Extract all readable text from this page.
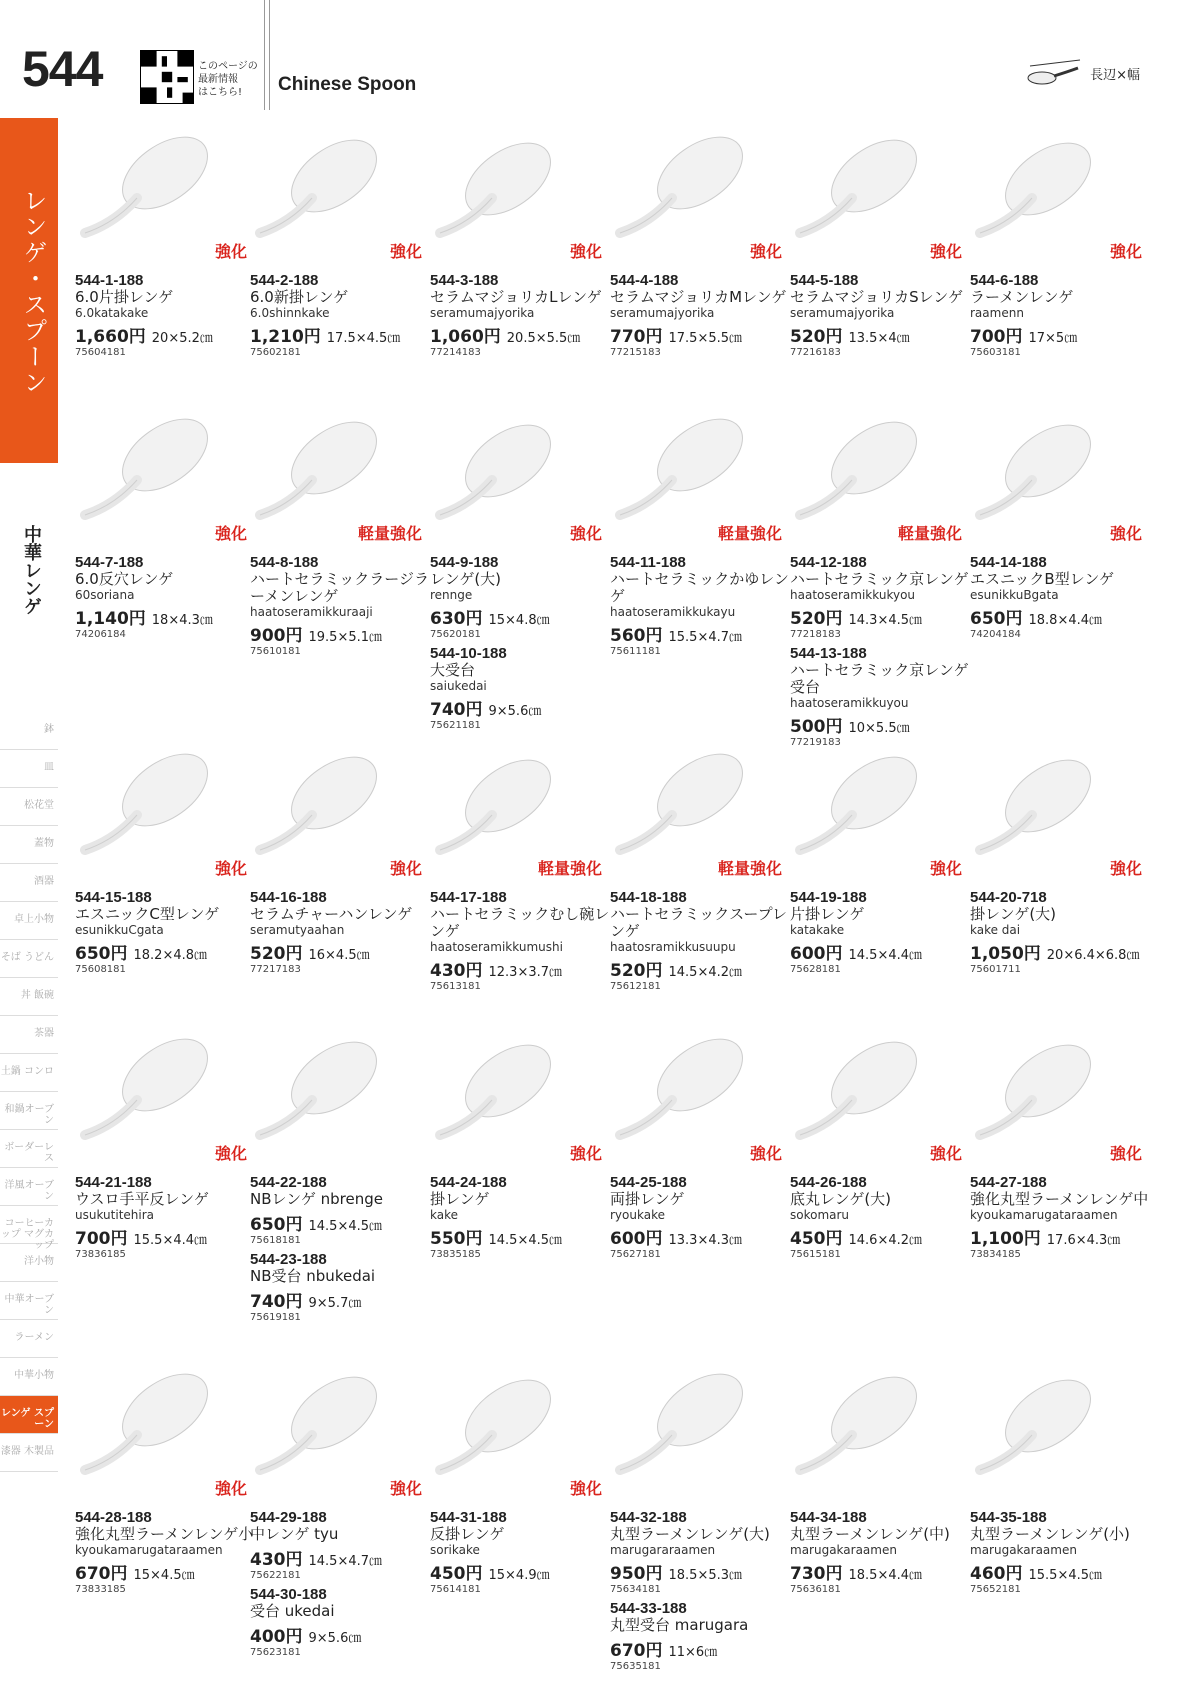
544	このページの
最新情報
はこちら!	Chinese Spoon	長辺×幅
レンゲ・スプーン
中華レンゲ
鉢
皿
松花堂
蓋物
酒器
卓上小物
そば うどん
丼 飯碗
茶器
土鍋 コンロ
和鍋オーブン
ボーダーレス
洋風オーブン
コーヒーカップ マグカップ
洋小物
中華オーブン
ラーメン
中華小物
レンゲ スプーン
漆器 木製品
強化
544-1-188
6.0片掛レンゲ
6.0katakake
1,660円 20×5.2㎝
75604181
強化
544-2-188
6.0新掛レンゲ
6.0shinnkake
1,210円 17.5×4.5㎝
75602181
強化
544-3-188
セラムマジョリカLレンゲ
seramumajyorika
1,060円 20.5×5.5㎝
77214183
強化
544-4-188
セラムマジョリカMレンゲ
seramumajyorika
770円 17.5×5.5㎝
77215183
強化
544-5-188
セラムマジョリカSレンゲ
seramumajyorika
520円 13.5×4㎝
77216183
強化
544-6-188
ラーメンレンゲ
raamenn
700円 17×5㎝
75603181
強化
544-7-188
6.0反穴レンゲ
60soriana
1,140円 18×4.3㎝
74206184
軽量強化
544-8-188
ハートセラミックラージラーメンレンゲ
haatoseramikkuraaji
900円 19.5×5.1㎝
75610181
強化
544-9-188
レンゲ(大)
rennge
630円 15×4.8㎝
75620181
544-10-188
大受台
saiukedai
740円 9×5.6㎝
75621181
軽量強化
544-11-188
ハートセラミックかゆレンゲ
haatoseramikkukayu
560円 15.5×4.7㎝
75611181
軽量強化
544-12-188
ハートセラミック京レンゲ
haatoseramikkukyou
520円 14.3×4.5㎝
77218183
544-13-188
ハートセラミック京レンゲ受台
haatoseramikkuyou
500円 10×5.5㎝
77219183
強化
544-14-188
エスニックB型レンゲ
esunikkuBgata
650円 18.8×4.4㎝
74204184
強化
544-15-188
エスニックC型レンゲ
esunikkuCgata
650円 18.2×4.8㎝
75608181
強化
544-16-188
セラムチャーハンレンゲ
seramutyaahan
520円 16×4.5㎝
77217183
軽量強化
544-17-188
ハートセラミックむし碗レンゲ
haatoseramikkumushi
430円 12.3×3.7㎝
75613181
軽量強化
544-18-188
ハートセラミックスープレンゲ
haatosramikkusuupu
520円 14.5×4.2㎝
75612181
強化
544-19-188
片掛レンゲ
katakake
600円 14.5×4.4㎝
75628181
強化
544-20-718
掛レンゲ(大)
kake dai
1,050円 20×6.4×6.8㎝
75601711
強化
544-21-188
ウスロ手平反レンゲ
usukutitehira
700円 15.5×4.4㎝
73836185
544-22-188
NBレンゲ nbrenge
650円 14.5×4.5㎝
75618181
544-23-188
NB受台 nbukedai
740円 9×5.7㎝
75619181
強化
544-24-188
掛レンゲ
kake
550円 14.5×4.5㎝
73835185
強化
544-25-188
両掛レンゲ
ryoukake
600円 13.3×4.3㎝
75627181
強化
544-26-188
底丸レンゲ(大)
sokomaru
450円 14.6×4.2㎝
75615181
強化
544-27-188
強化丸型ラーメンレンゲ中
kyoukamarugataraamen
1,100円 17.6×4.3㎝
73834185
強化
544-28-188
強化丸型ラーメンレンゲ小
kyoukamarugataraamen
670円 15×4.5㎝
73833185
強化
544-29-188
中レンゲ tyu
430円 14.5×4.7㎝
75622181
544-30-188
受台 ukedai
400円 9×5.6㎝
75623181
強化
544-31-188
反掛レンゲ
sorikake
450円 15×4.9㎝
75614181
544-32-188
丸型ラーメンレンゲ(大)
marugararaamen
950円 18.5×5.3㎝
75634181
544-33-188
丸型受台 marugara
670円 11×6㎝
75635181
544-34-188
丸型ラーメンレンゲ(中)
marugakaraamen
730円 18.5×4.4㎝
75636181
544-35-188
丸型ラーメンレンゲ(小)
marugakaraamen
460円 15.5×4.5㎝
75652181
